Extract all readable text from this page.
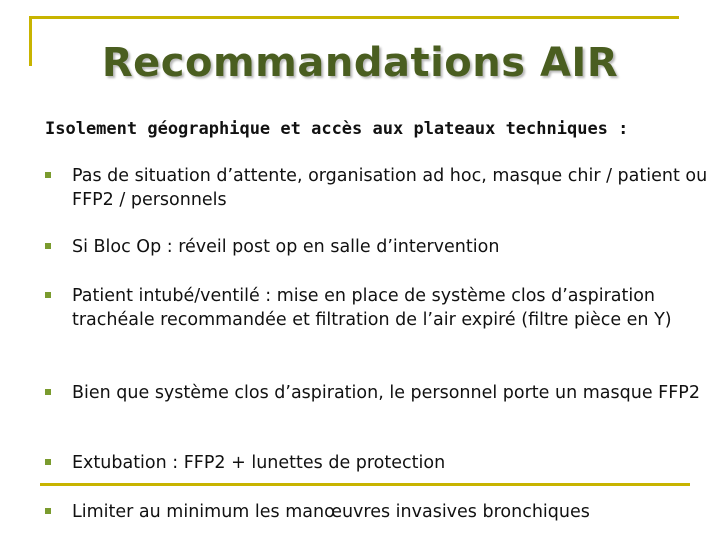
Recommandations AIR
Isolement géographique et accès aux plateaux techniques :
Pas de situation d’attente, organisation ad hoc, masque chir / patient ou FFP2 / personnels
Si Bloc Op : réveil post op en salle d’intervention
Patient intubé/ventilé : mise en place de système clos d’aspiration trachéale recommandée et filtration de l’air expiré (filtre pièce en Y)
Bien que système clos d’aspiration, le personnel porte un masque FFP2
Extubation : FFP2 + lunettes de protection
Limiter au minimum les manœuvres invasives bronchiques
